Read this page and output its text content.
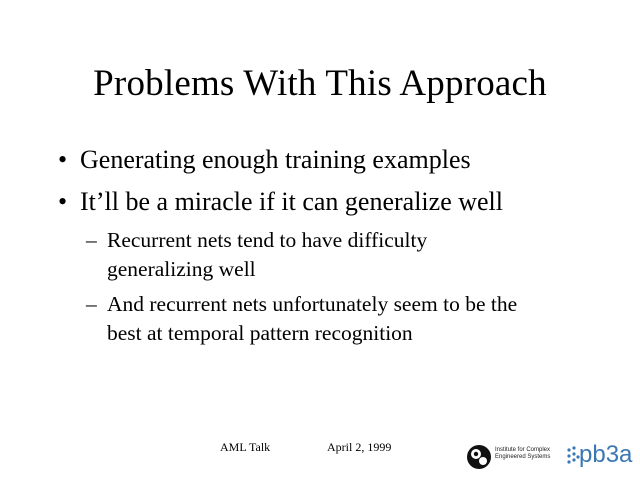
Problems With This Approach
• Generating enough training examples
• It’ll be a miracle if it can generalize well
– Recurrent nets tend to have difficulty
generalizing well
– And recurrent nets unfortunately seem to be the
best at temporal pattern recognition
AML Talk	April 2, 1999	Institute for Complex Engineered Systems	pb3a
